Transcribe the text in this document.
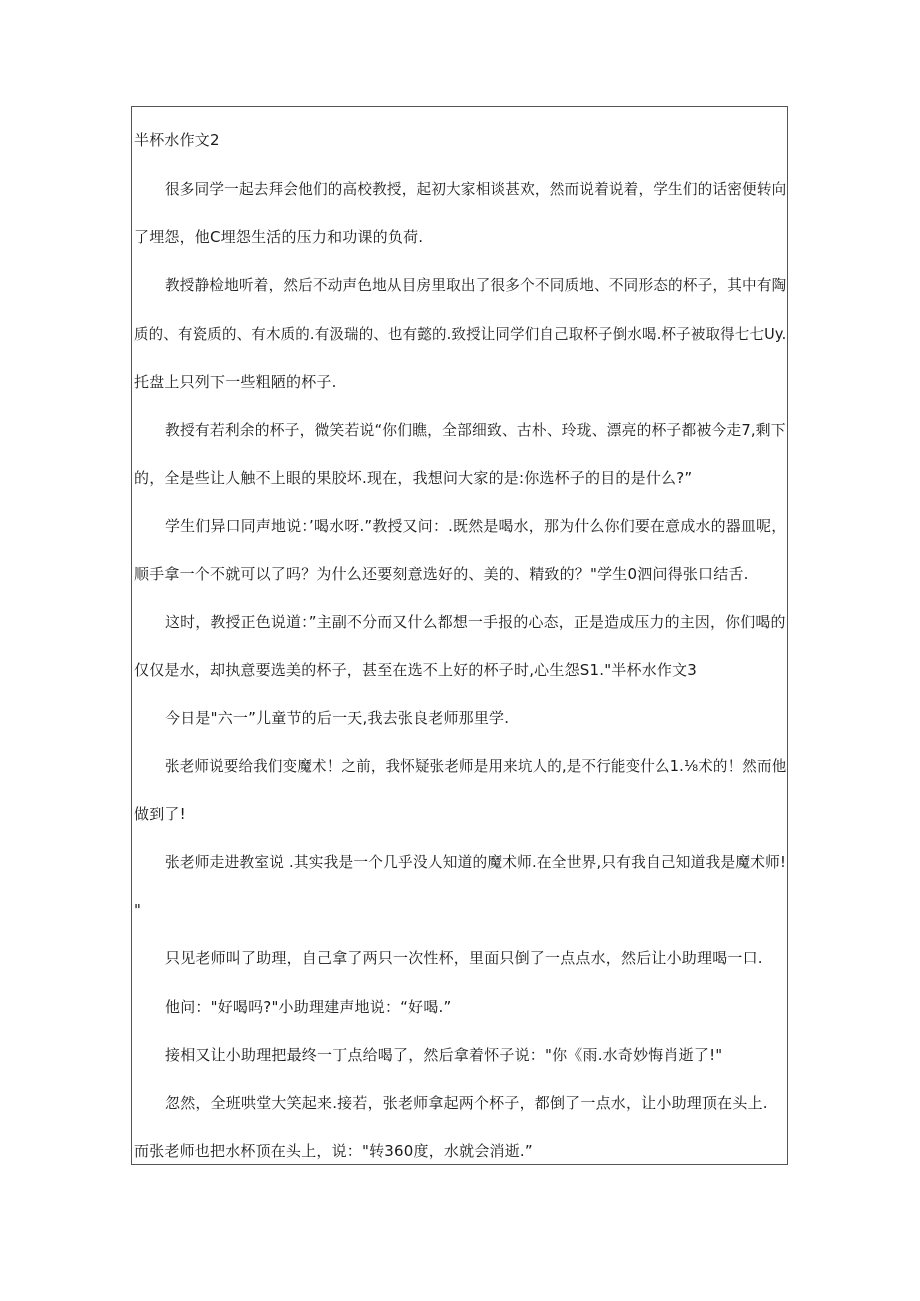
半杯水作文2
很多同学一起去拜会他们的高校教授，起初大家相谈甚欢，然而说着说着，学生们的话密便转向
了埋怨，他C埋怨生活的压力和功课的负荷.
教授静检地听着，然后不动声色地从目房里取出了很多个不同质地、不同形态的杯子，其中有陶
质的、有瓷质的、有木质的.有汲瑞的、也有懿的.致授让同学们自己取杯子倒水喝.杯子被取得七七Uy.
托盘上只列下一些粗陋的杯子.
教授有若利余的杯子，微笑若说“你们瞧，全部细致、古朴、玲珑、漂亮的杯子都被今走7,剩下
的，全是些让人触不上眼的果胶坏.现在，我想问大家的是:你选杯子的目的是什么?”
学生们异口同声地说：’喝水呀.”教授又问：.既然是喝水，那为什么你们要在意成水的器皿呢，
顺手拿一个不就可以了吗？为什么还要刻意选好的、美的、精致的？"学生0泗问得张口结舌.
这时，教授正色说道：”主副不分而又什么都想一手报的心态，正是造成压力的主因，你们喝的
仅仅是水，却执意要选美的杯子，甚至在选不上好的杯子时,心生怨S1."半杯水作文3
今日是"六一”儿童节的后一天,我去张良老师那里学.
张老师说要给我们变魔术！之前，我怀疑张老师是用来坑人的,是不行能变什么1.⅛术的！然而他
做到了!
张老师走进教室说 .其实我是一个几乎没人知道的魔术师.在全世界,只有我自己知道我是魔术师!
"
只见老师叫了助理，自己拿了两只一次性杯，里面只倒了一点点水，然后让小助理喝一口.
他问："好喝吗?"小助理建声地说：“好喝.”
接相又让小助理把最终一丁点给喝了，然后拿着怀子说："你《雨.水奇妙悔肖逝了!"
忽然，全班哄堂大笑起来.接若，张老师拿起两个杯子，都倒了一点水，让小助理顶在头上.
而张老师也把水杯顶在头上，说："转360度，水就会消逝.”
